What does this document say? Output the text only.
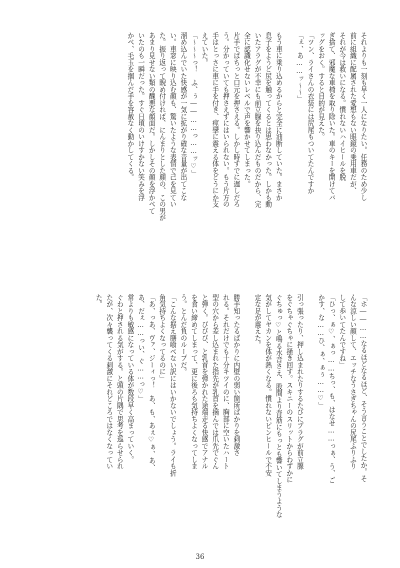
それよりも一刻も早く一人になりたい。任務のため少し
前に組織に配属された愛想もない眼鏡の乗用車だが、
それが今は救いになる。慣れないハイヒールを脱
ぎ捨て、邪魔な車椅を取り除いた。車のキーを開けてバ
ッグをおく。すると目的が見えた。
「ツン、ライさんの衣装には尻尾もついてたんですか
「ぇ、あ……ッ〜〜」

もう車に乗り込めるからと完全に油断していた。まさか
息子をようど尻を触ってくるとは思わなかった。しかも動
いたアラグが不幸にも前立腺を抉り込んだものだから、完
全に認識化せないレベルで声を響かせてしまった。
片手でぱちっと口元を押さえる。しかし時すでに遅しだろ
う。分かっていても押さえずにはいられない。もう片方の
手はとっさに車に手を付き、痙攣に震える体をどうにか支
えていた。
「〜〜〜っ！　ふ、ぅ――……っ……ッ♡」
溜め込んでいた快感が一気に拡がり確な音量が出てこな
い。車窓に映り込む顔も、驚いたような表情で己を見てい
た。振り返って睨め付ければ、にんまりとした顔の、この男が
あまり見せない類の醜悪な顔面だ。しかしその顔を浮かべて
いたのも一瞬だった。すぐ日頃のいけすかない笑みを浮
かべ、毛玉を掴んだ手を容赦なく動かしてくる。
「ホ――……なるほどなるほど、そう言うことでしたか。そ
んな涼しい顔して、エッチなうさぎちゃんの尻尾ふりふり
して歩いてたんですね」
「ひっ、ぁ♡、ぁっ……ちっ、も、はなせ……っぁ、う、ご
かす、な……ひ、ぁ、ぁぅ……♡」

引っ張ったり、押し込まれたりするたびにプラグが前立腺
をぐちゃぐちゃに掻き回す。スキニーのスリットからわずかに
ぐちゅっ♡と鳴る水音さえ、股間より背筋にもっとも響いてしまうような
気がしてヤカンを体が熱くなる。慣れないピンヒールで不安
定な足が震えた。

勝手知ったるばかりに内壁の弱い箇所ばかりを刺激さ
れる。それだけでも十分キツイのに、胸部に空いたハート
型の穴から差し込まれた指先が乳首を摘んでは爪先でぐん
と弾く。びびび、と乳首を弾かれた途端走る快感でアナル
を食い締めてしまって、更に後ろも気持ちよくなってしま
う。とんだ負のループだ。
「こんな据え膳喰べない訳にはいかないでしょう。ライも折
角気持ちよくなってるのに」
「あ、っあ、ヴァ、ジーィっ！　あ、も、あぇ♡ぁ、あ、
あ、だぇ……っい、ぐ……っ♡」
常よりも敏感になっている体が数段早く高まっていく。
ぐわと押される気がする。と頭の片隅で思考を巡らせられ
たが、次々襲ってくる刺激にそれどころではなくなってい
た。
36
